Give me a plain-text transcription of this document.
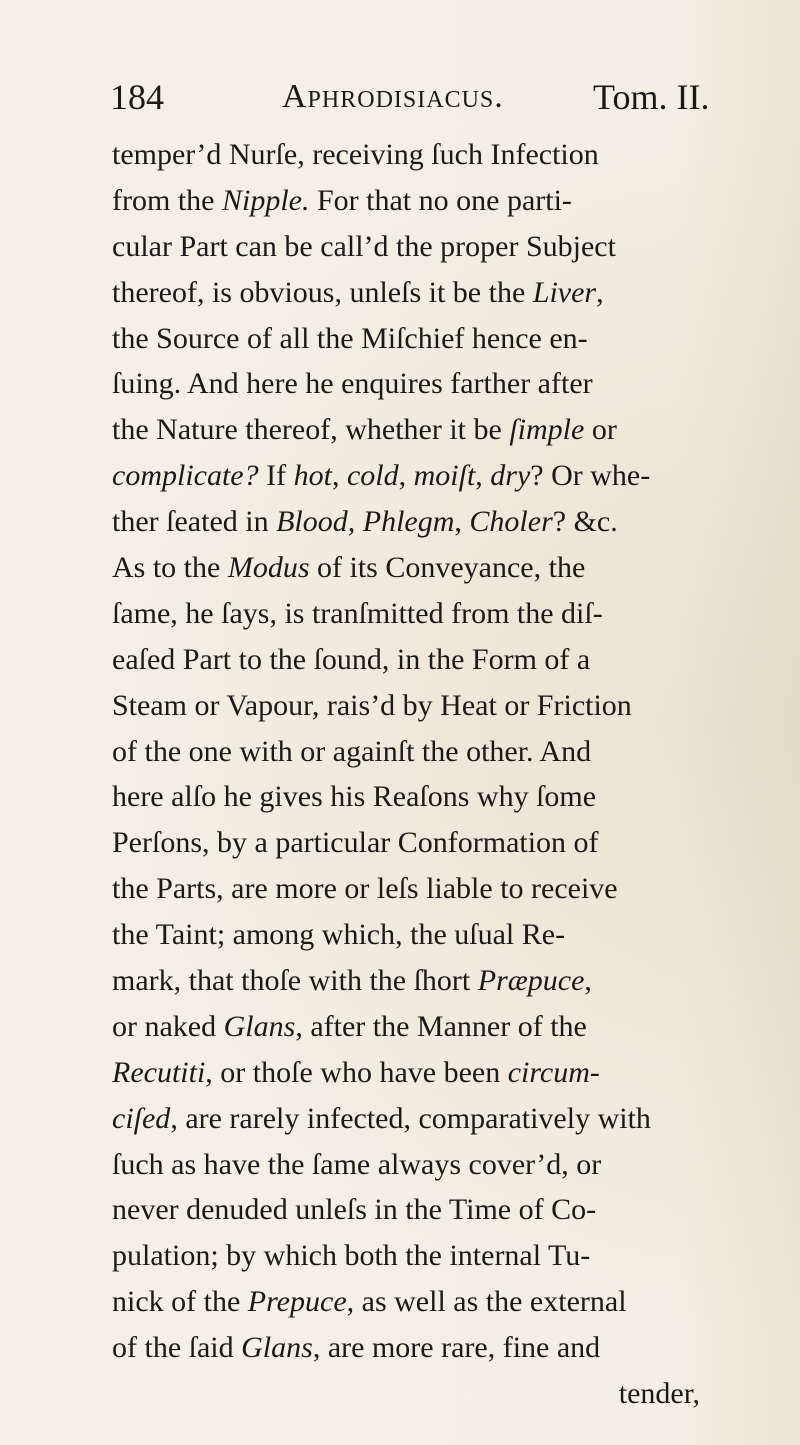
184	Aphrodisiacus. Tom. II.
temper’d Nurſe, receiving ſuch Infection
from the Nipple. For that no one parti-
cular Part can be call’d the proper Subject
thereof, is obvious, unleſs it be the Liver,
the Source of all the Miſchief hence en-
ſuing. And here he enquires farther after
the Nature thereof, whether it be ſimple or
complicate? If hot, cold, moiſt, dry? Or whe-
ther ſeated in Blood, Phlegm, Choler? &c.
As to the Modus of its Conveyance, the
ſame, he ſays, is tranſmitted from the diſ-
eaſed Part to the ſound, in the Form of a
Steam or Vapour, rais’d by Heat or Friction
of the one with or againſt the other. And
here alſo he gives his Reaſons why ſome
Perſons, by a particular Conformation of
the Parts, are more or leſs liable to receive
the Taint; among which, the uſual Re-
mark, that thoſe with the ſhort Præpuce,
or naked Glans, after the Manner of the
Recutiti, or thoſe who have been circum-
ciſed, are rarely infected, comparatively with
ſuch as have the ſame always cover’d, or
never denuded unleſs in the Time of Co-
pulation; by which both the internal Tu-
nick of the Prepuce, as well as the external
of the ſaid Glans, are more rare, fine and
tender,
